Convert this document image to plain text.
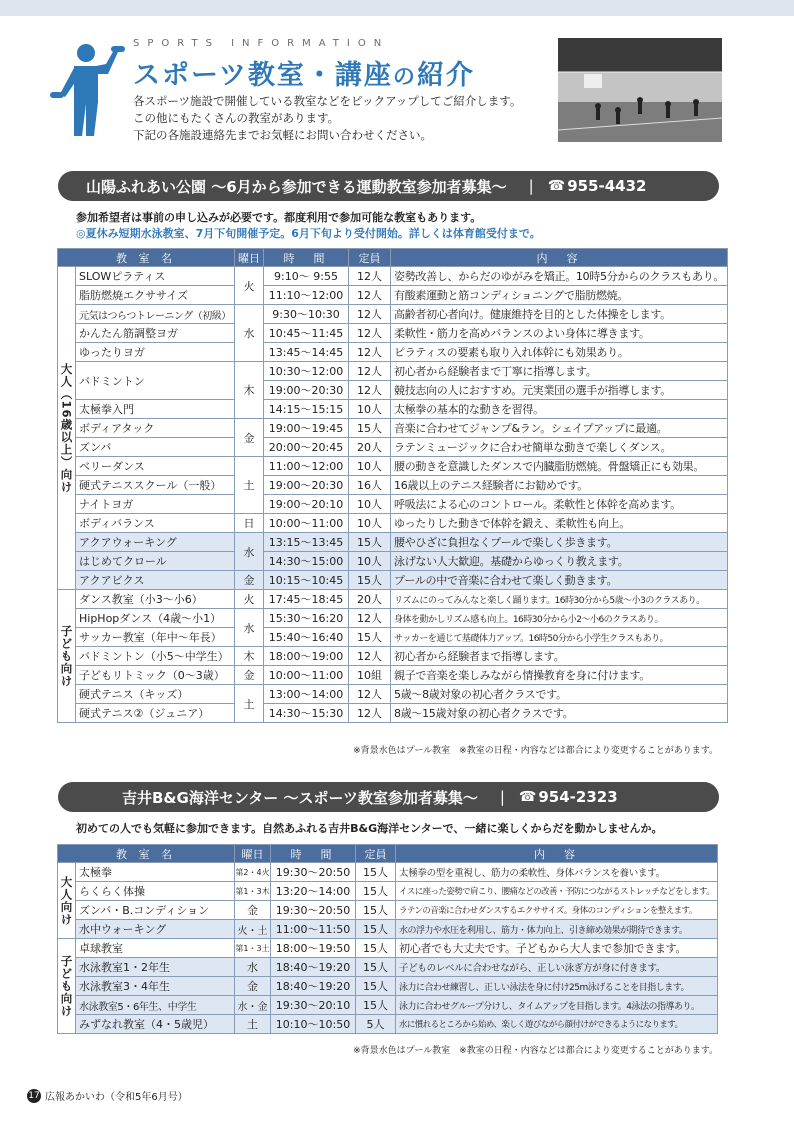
SPORTS INFORMATION
スポーツ教室・講座の紹介
各スポーツ施設で開催している教室などをピックアップしてご紹介します。
この他にもたくさんの教室があります。
下記の各施設連絡先までお気軽にお問い合わせください。
山陽ふれあい公園 ～6月から参加できる運動教室参加者募集～ | ☎ 955-4432
参加希望者は事前の申し込みが必要です。都度利用で参加可能な教室もあります。
◎夏休み短期水泳教室、7月下旬開催予定。6月下旬より受付開始。詳しくは体育館受付まで。
教 室 名		曜日	時　間	定員	内　容
大人（16歳以上）向け	SLOWピラティス	火	9:10～ 9:55	12人	姿勢改善し、からだのゆがみを矯正。10時5分からのクラスもあり。
	脂肪燃焼エクササイズ		11:10～12:00	12人	有酸素運動と筋コンディショニングで脂肪燃焼。
	元気はつらつトレーニング（初級）	水	9:30～10:30	12人	高齢者初心者向け。健康維持を目的とした体操をします。
	かんたん筋調整ヨガ		10:45～11:45	12人	柔軟性・筋力を高めバランスのよい身体に導きます。
	ゆったりヨガ		13:45～14:45	12人	ピラティスの要素も取り入れ体幹にも効果あり。
	バドミントン	木	10:30～12:00	12人	初心者から経験者まで丁寧に指導します。
			19:00～20:30	12人	競技志向の人におすすめ。元実業団の選手が指導します。
	太極拳入門		14:15～15:15	10人	太極拳の基本的な動きを習得。
	ボディアタック	金	19:00～19:45	15人	音楽に合わせてジャンプ&ラン。シェイプアップに最適。
	ズンバ		20:00～20:45	20人	ラテンミュージックに合わせ簡単な動きで楽しくダンス。
	ベリーダンス	土	11:00～12:00	10人	腰の動きを意識したダンスで内臓脂肪燃焼。骨盤矯正にも効果。
	硬式テニススクール（一般）		19:00～20:30	16人	16歳以上のテニス経験者にお勧めです。
	ナイトヨガ		19:00～20:10	10人	呼吸法による心のコントロール。柔軟性と体幹を高めます。
	ボディバランス	日	10:00～11:00	10人	ゆったりした動きで体幹を鍛え、柔軟性も向上。
	アクアウォーキング	水	13:15～13:45	15人	腰やひざに負担なくプールで楽しく歩きます。
	はじめてクロール		14:30～15:00	10人	泳げない人大歓迎。基礎からゆっくり教えます。
	アクアビクス	金	10:15～10:45	15人	プールの中で音楽に合わせて楽しく動きます。
子ども向け	ダンス教室（小3～小6）	火	17:45～18:45	20人	リズムにのってみんなと楽しく踊ります。16時30分から5歳～小3のクラスあり。
	HipHopダンス（4歳～小1）	水	15:30～16:20	12人	身体を動かしリズム感も向上。16時30分から小2～小6のクラスあり。
	サッカー教室（年中～年長）		15:40～16:40	15人	サッカーを通じて基礎体力アップ。16時50分から小学生クラスもあり。
	バドミントン（小5～中学生）	木	18:00～19:00	12人	初心者から経験者まで指導します。
	子どもリトミック（0～3歳）	金	10:00～11:00	10組	親子で音楽を楽しみながら情操教育を身に付けます。
	硬式テニス（キッズ）	土	13:00～14:00	12人	5歳～8歳対象の初心者クラスです。
	硬式テニス②（ジュニア）		14:30～15:30	12人	8歳～15歳対象の初心者クラスです。
※背景水色はプール教室　※教室の日程・内容などは都合により変更することがあります。
吉井B&G海洋センター ～スポーツ教室参加者募集～ | ☎ 954-2323
初めての人でも気軽に参加できます。自然あふれる吉井B&G海洋センターで、一緒に楽しくからだを動かしませんか。
教 室 名		曜日	時　間	定員	内　容
大人向け	太極拳	第2・4火	19:30～20:50	15人	太極拳の型を重視し、筋力の柔軟性、身体バランスを養います。
	らくらく体操	第1・3木	13:20～14:00	15人	イスに座った姿勢で肩こり、腰痛などの改善・予防につながるストレッチなどをします。
	ズンバ・B.コンディション	金	19:30～20:50	15人	ラテンの音楽に合わせダンスするエクササイズ。身体のコンディションを整えます。
	水中ウォーキング	火・土	11:00～11:50	15人	水の浮力や水圧を利用し、筋力・体力向上、引き締め効果が期待できます。
子ども向け	卓球教室	第1・3土	18:00～19:50	15人	初心者でも大丈夫です。子どもから大人まで参加できます。
	水泳教室1・2年生	水	18:40～19:20	15人	子どものレベルに合わせながら、正しい泳ぎ方が身に付きます。
	水泳教室3・4年生	金	18:40～19:20	15人	泳力に合わせ練習し、正しい泳法を身に付け25m泳げることを目指します。
	水泳教室5・6年生、中学生	水・金	19:30～20:10	15人	泳力に合わせグループ分けし、タイムアップを目指します。4泳法の指導あり。
	みずなれ教室（4・5歳児）	土	10:10～10:50	5人	水に慣れるところから始め、楽しく遊びながら顔付けができるようになります。
※背景水色はプール教室　※教室の日程・内容などは都合により変更することがあります。
17 広報あかいわ（令和5年6月号）
